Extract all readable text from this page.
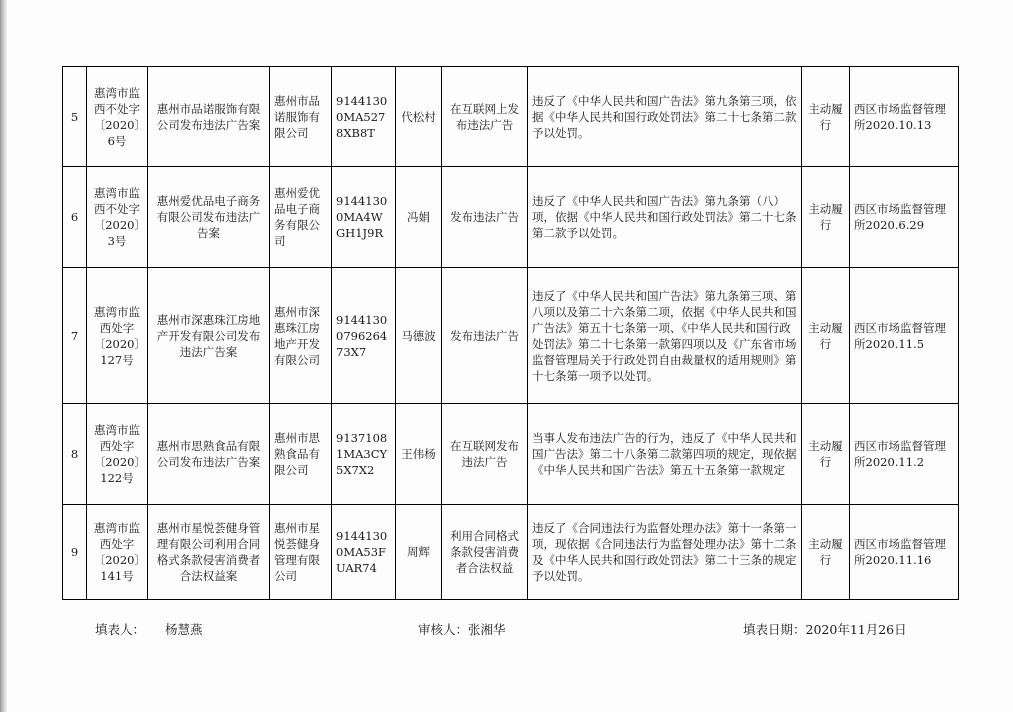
5	惠湾市监西不处字〔2020〕6号	惠州市品诺服饰有限公司发布违法广告案	惠州市品诺服饰有限公司	91441300MA5278XB8T	代松村	在互联网上发布违法广告	违反了《中华人民共和国广告法》第九条第三项，依据《中华人民共和国行政处罚法》第二十七条第二款予以处罚。	主动履行	西区市场监督管理所2020.10.13
6	惠湾市监西不处字〔2020〕3号	惠州爱优品电子商务有限公司发布违法广告案	惠州爱优品电子商务有限公司	91441300MA4WGH1J9R	冯娟	发布违法广告	违反了《中华人民共和国广告法》第九条第（八）项，依据《中华人民共和国行政处罚法》第二十七条第二款予以处罚。	主动履行	西区市场监督管理所2020.6.29
7	惠湾市监西处字〔2020〕127号	惠州市深惠珠江房地产开发有限公司发布违法广告案	惠州市深惠珠江房地产开发有限公司	9144130079626473X7	马德波	发布违法广告	违反了《中华人民共和国广告法》第九条第三项、第八项以及第二十六条第二项，依据《中华人民共和国广告法》第五十七条第一项、《中华人民共和国行政处罚法》第二十七条第一款第四项以及《广东省市场监督管理局关于行政处罚自由裁量权的适用规则》第十七条第一项予以处罚。	主动履行	西区市场监督管理所2020.11.5
8	惠湾市监西处字〔2020〕122号	惠州市思熟食品有限公司发布违法广告案	惠州市思熟食品有限公司	91371081MA3CY5X7X2	王伟杨	在互联网发布违法广告	当事人发布违法广告的行为，违反了《中华人民共和国广告法》第二十八条第二款第四项的规定，现依据《中华人民共和国广告法》第五十五条第一款规定	主动履行	西区市场监督管理所2020.11.2
9	惠湾市监西处字〔2020〕141号	惠州市星悦荟健身管理有限公司利用合同格式条款侵害消费者合法权益案	惠州市星悦荟健身管理有限公司	91441300MA53FUAR74	周辉	利用合同格式条款侵害消费者合法权益	违反了《合同违法行为监督处理办法》第十一条第一项，现依据《合同违法行为监督处理办法》第十二条及《中华人民共和国行政处罚法》第二十三条的规定予以处罚。	主动履行	西区市场监督管理所2020.11.16
填表人： 杨慧燕	审核人：张湘华	填表日期：2020年11月26日
